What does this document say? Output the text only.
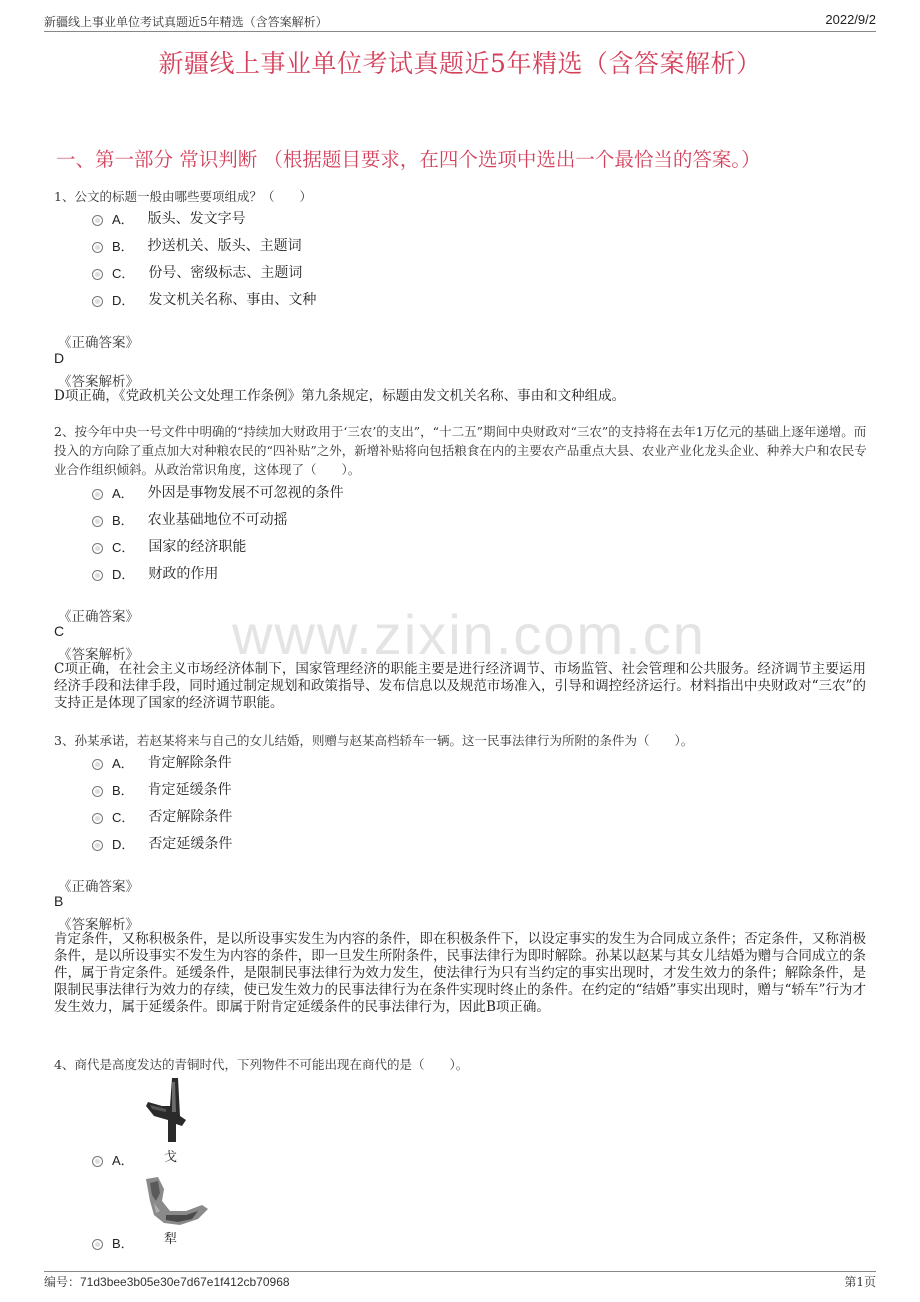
新疆线上事业单位考试真题近5年精选（含答案解析）	2022/9/2
www.zixin.com.cn
新疆线上事业单位考试真题近5年精选（含答案解析）
一、第一部分 常识判断 （根据题目要求，在四个选项中选出一个最恰当的答案。）
1、公文的标题一般由哪些要项组成？（　　）
A． 版头、发文字号
B． 抄送机关、版头、主题词
C． 份号、密级标志、主题词
D． 发文机关名称、事由、文种
《正确答案》
D
《答案解析》
D项正确，《党政机关公文处理工作条例》第九条规定，标题由发文机关名称、事由和文种组成。
2、按今年中央一号文件中明确的“持续加大财政用于‘三农’的支出”，“十二五”期间中央财政对“三农”的支持将在去年1万亿元的基础上逐年递增。而投入的方向除了重点加大对种粮农民的“四补贴”之外，新增补贴将向包括粮食在内的主要农产品重点大县、农业产业化龙头企业、种养大户和农民专业合作组织倾斜。从政治常识角度，这体现了（　　）。
A． 外因是事物发展不可忽视的条件
B． 农业基础地位不可动摇
C． 国家的经济职能
D． 财政的作用
《正确答案》
C
《答案解析》
C项正确，在社会主义市场经济体制下，国家管理经济的职能主要是进行经济调节、市场监管、社会管理和公共服务。经济调节主要运用经济手段和法律手段，同时通过制定规划和政策指导、发布信息以及规范市场准入，引导和调控经济运行。材料指出中央财政对“三农”的支持正是体现了国家的经济调节职能。
3、孙某承诺，若赵某将来与自己的女儿结婚，则赠与赵某高档轿车一辆。这一民事法律行为所附的条件为（　　）。
A． 肯定解除条件
B． 肯定延缓条件
C． 否定解除条件
D． 否定延缓条件
《正确答案》
B
《答案解析》
肯定条件，又称积极条件，是以所设事实发生为内容的条件，即在积极条件下，以设定事实的发生为合同成立条件；否定条件，又称消极条件，是以所设事实不发生为内容的条件，即一旦发生所附条件，民事法律行为即时解除。孙某以赵某与其女儿结婚为赠与合同成立的条件，属于肯定条件。延缓条件，是限制民事法律行为效力发生，使法律行为只有当约定的事实出现时，才发生效力的条件；解除条件，是限制民事法律行为效力的存续，使已发生效力的民事法律行为在条件实现时终止的条件。在约定的“结婚”事实出现时，赠与“轿车”行为才发生效力，属于延缓条件。即属于附肯定延缓条件的民事法律行为，因此B项正确。
4、商代是高度发达的青铜时代，下列物件不可能出现在商代的是（　　）。
A． 戈
B． 犁
编号：71d3bee3b05e30e7d67e1f412cb70968	第1页
